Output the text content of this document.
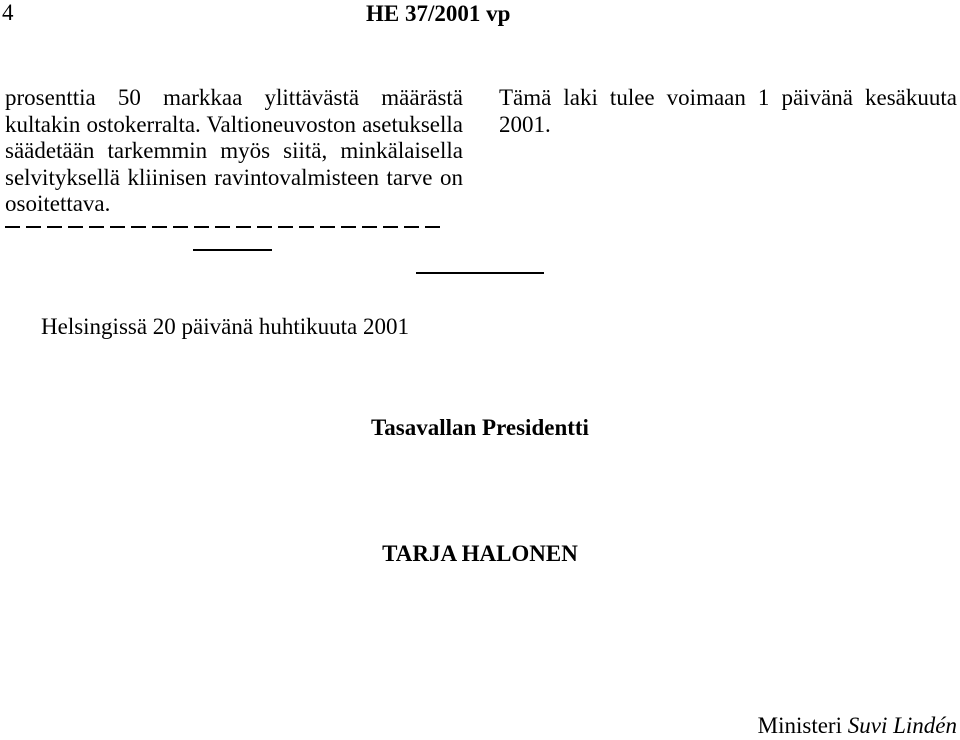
4	HE 37/2001 vp
prosenttia 50 markkaa ylittävästä määrästä kultakin ostokerralta. Valtioneuvoston asetuksella säädetään tarkemmin myös siitä, minkälaisella selvityksellä kliinisen ravintovalmisteen tarve on osoitettava.
Tämä laki tulee voimaan 1 päivänä kesäkuuta 2001.
Helsingissä 20 päivänä huhtikuuta 2001
Tasavallan Presidentti
TARJA HALONEN
Ministeri Suvi Lindén
